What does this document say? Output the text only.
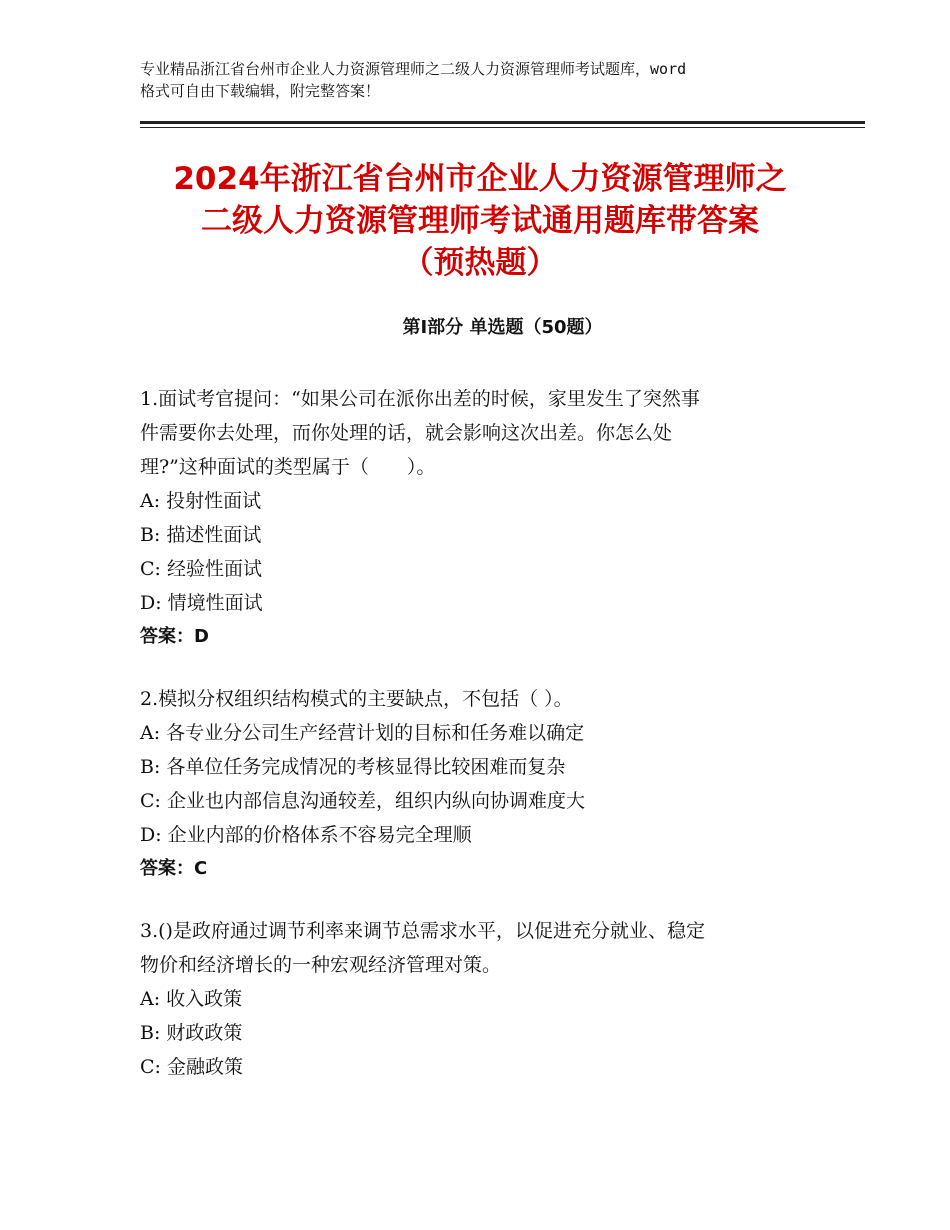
专业精品浙江省台州市企业人力资源管理师之二级人力资源管理师考试题库，word
格式可自由下载编辑，附完整答案！
2024年浙江省台州市企业人力资源管理师之
二级人力资源管理师考试通用题库带答案
（预热题）
第Ⅰ部分 单选题（50题）
1.面试考官提问：“如果公司在派你出差的时候，家里发生了突然事
件需要你去处理，而你处理的话，就会影响这次出差。你怎么处
理?”这种面试的类型属于（　　）。
A: 投射性面试
B: 描述性面试
C: 经验性面试
D: 情境性面试
答案：D
2.模拟分权组织结构模式的主要缺点，不包括（ ）。
A: 各专业分公司生产经营计划的目标和任务难以确定
B: 各单位任务完成情况的考核显得比较困难而复杂
C: 企业也内部信息沟通较差，组织内纵向协调难度大
D: 企业内部的价格体系不容易完全理顺
答案：C
3.()是政府通过调节利率来调节总需求水平，以促进充分就业、稳定
物价和经济增长的一种宏观经济管理对策。
A: 收入政策
B: 财政政策
C: 金融政策
